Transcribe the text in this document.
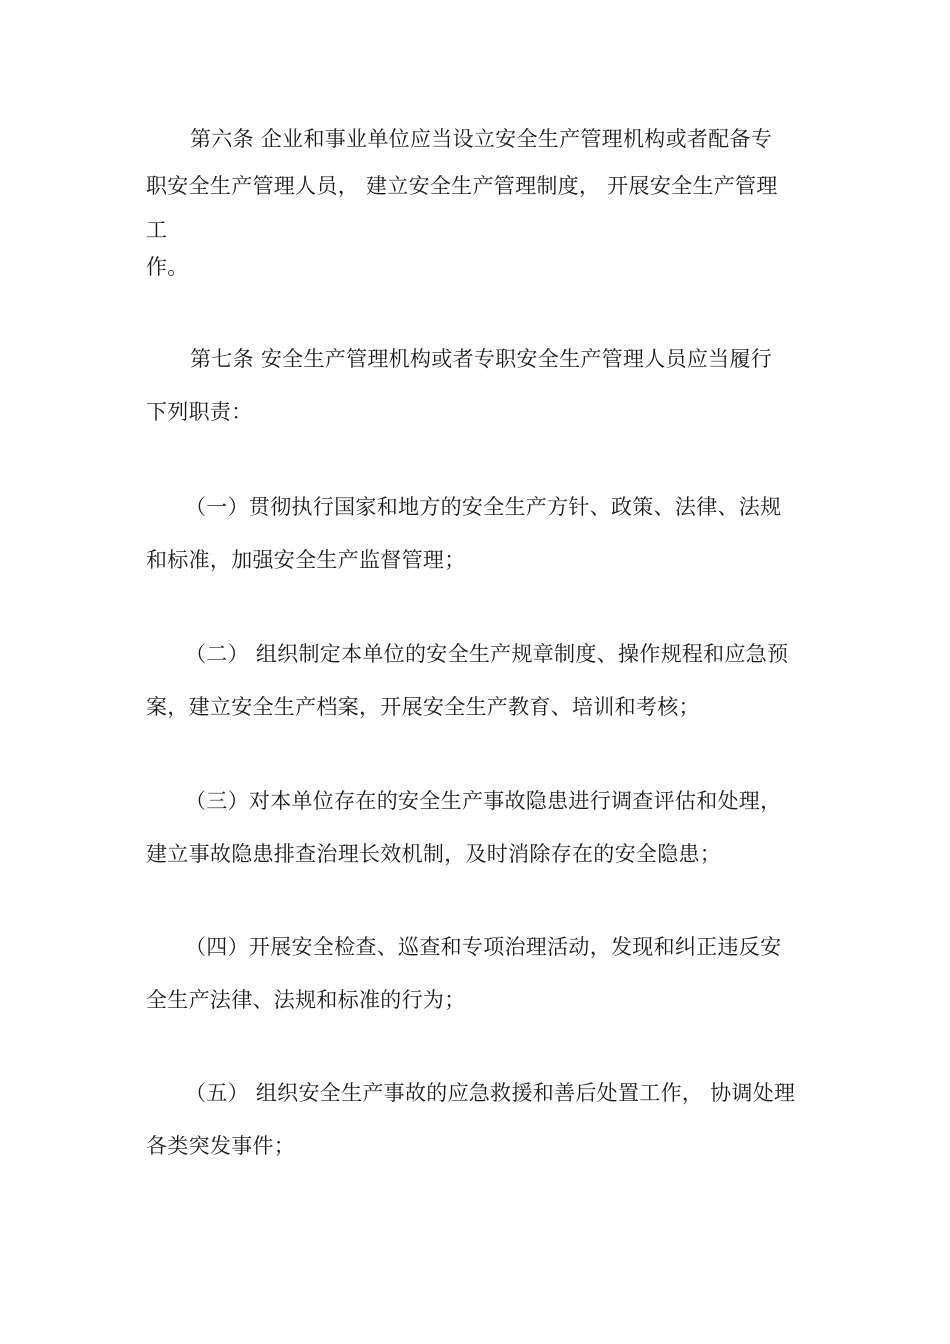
第六条 企业和事业单位应当设立安全生产管理机构或者配备专
职安全生产管理人员， 建立安全生产管理制度， 开展安全生产管理
工
作。
第七条 安全生产管理机构或者专职安全生产管理人员应当履行
下列职责：
（一）贯彻执行国家和地方的安全生产方针、政策、法律、法规
和标准，加强安全生产监督管理；
（二） 组织制定本单位的安全生产规章制度、操作规程和应急预
案，建立安全生产档案，开展安全生产教育、培训和考核；
（三）对本单位存在的安全生产事故隐患进行调查评估和处理，
建立事故隐患排查治理长效机制，及时消除存在的安全隐患；
（四）开展安全检查、巡查和专项治理活动，发现和纠正违反安
全生产法律、法规和标准的行为；
（五） 组织安全生产事故的应急救援和善后处置工作， 协调处理
各类突发事件；
